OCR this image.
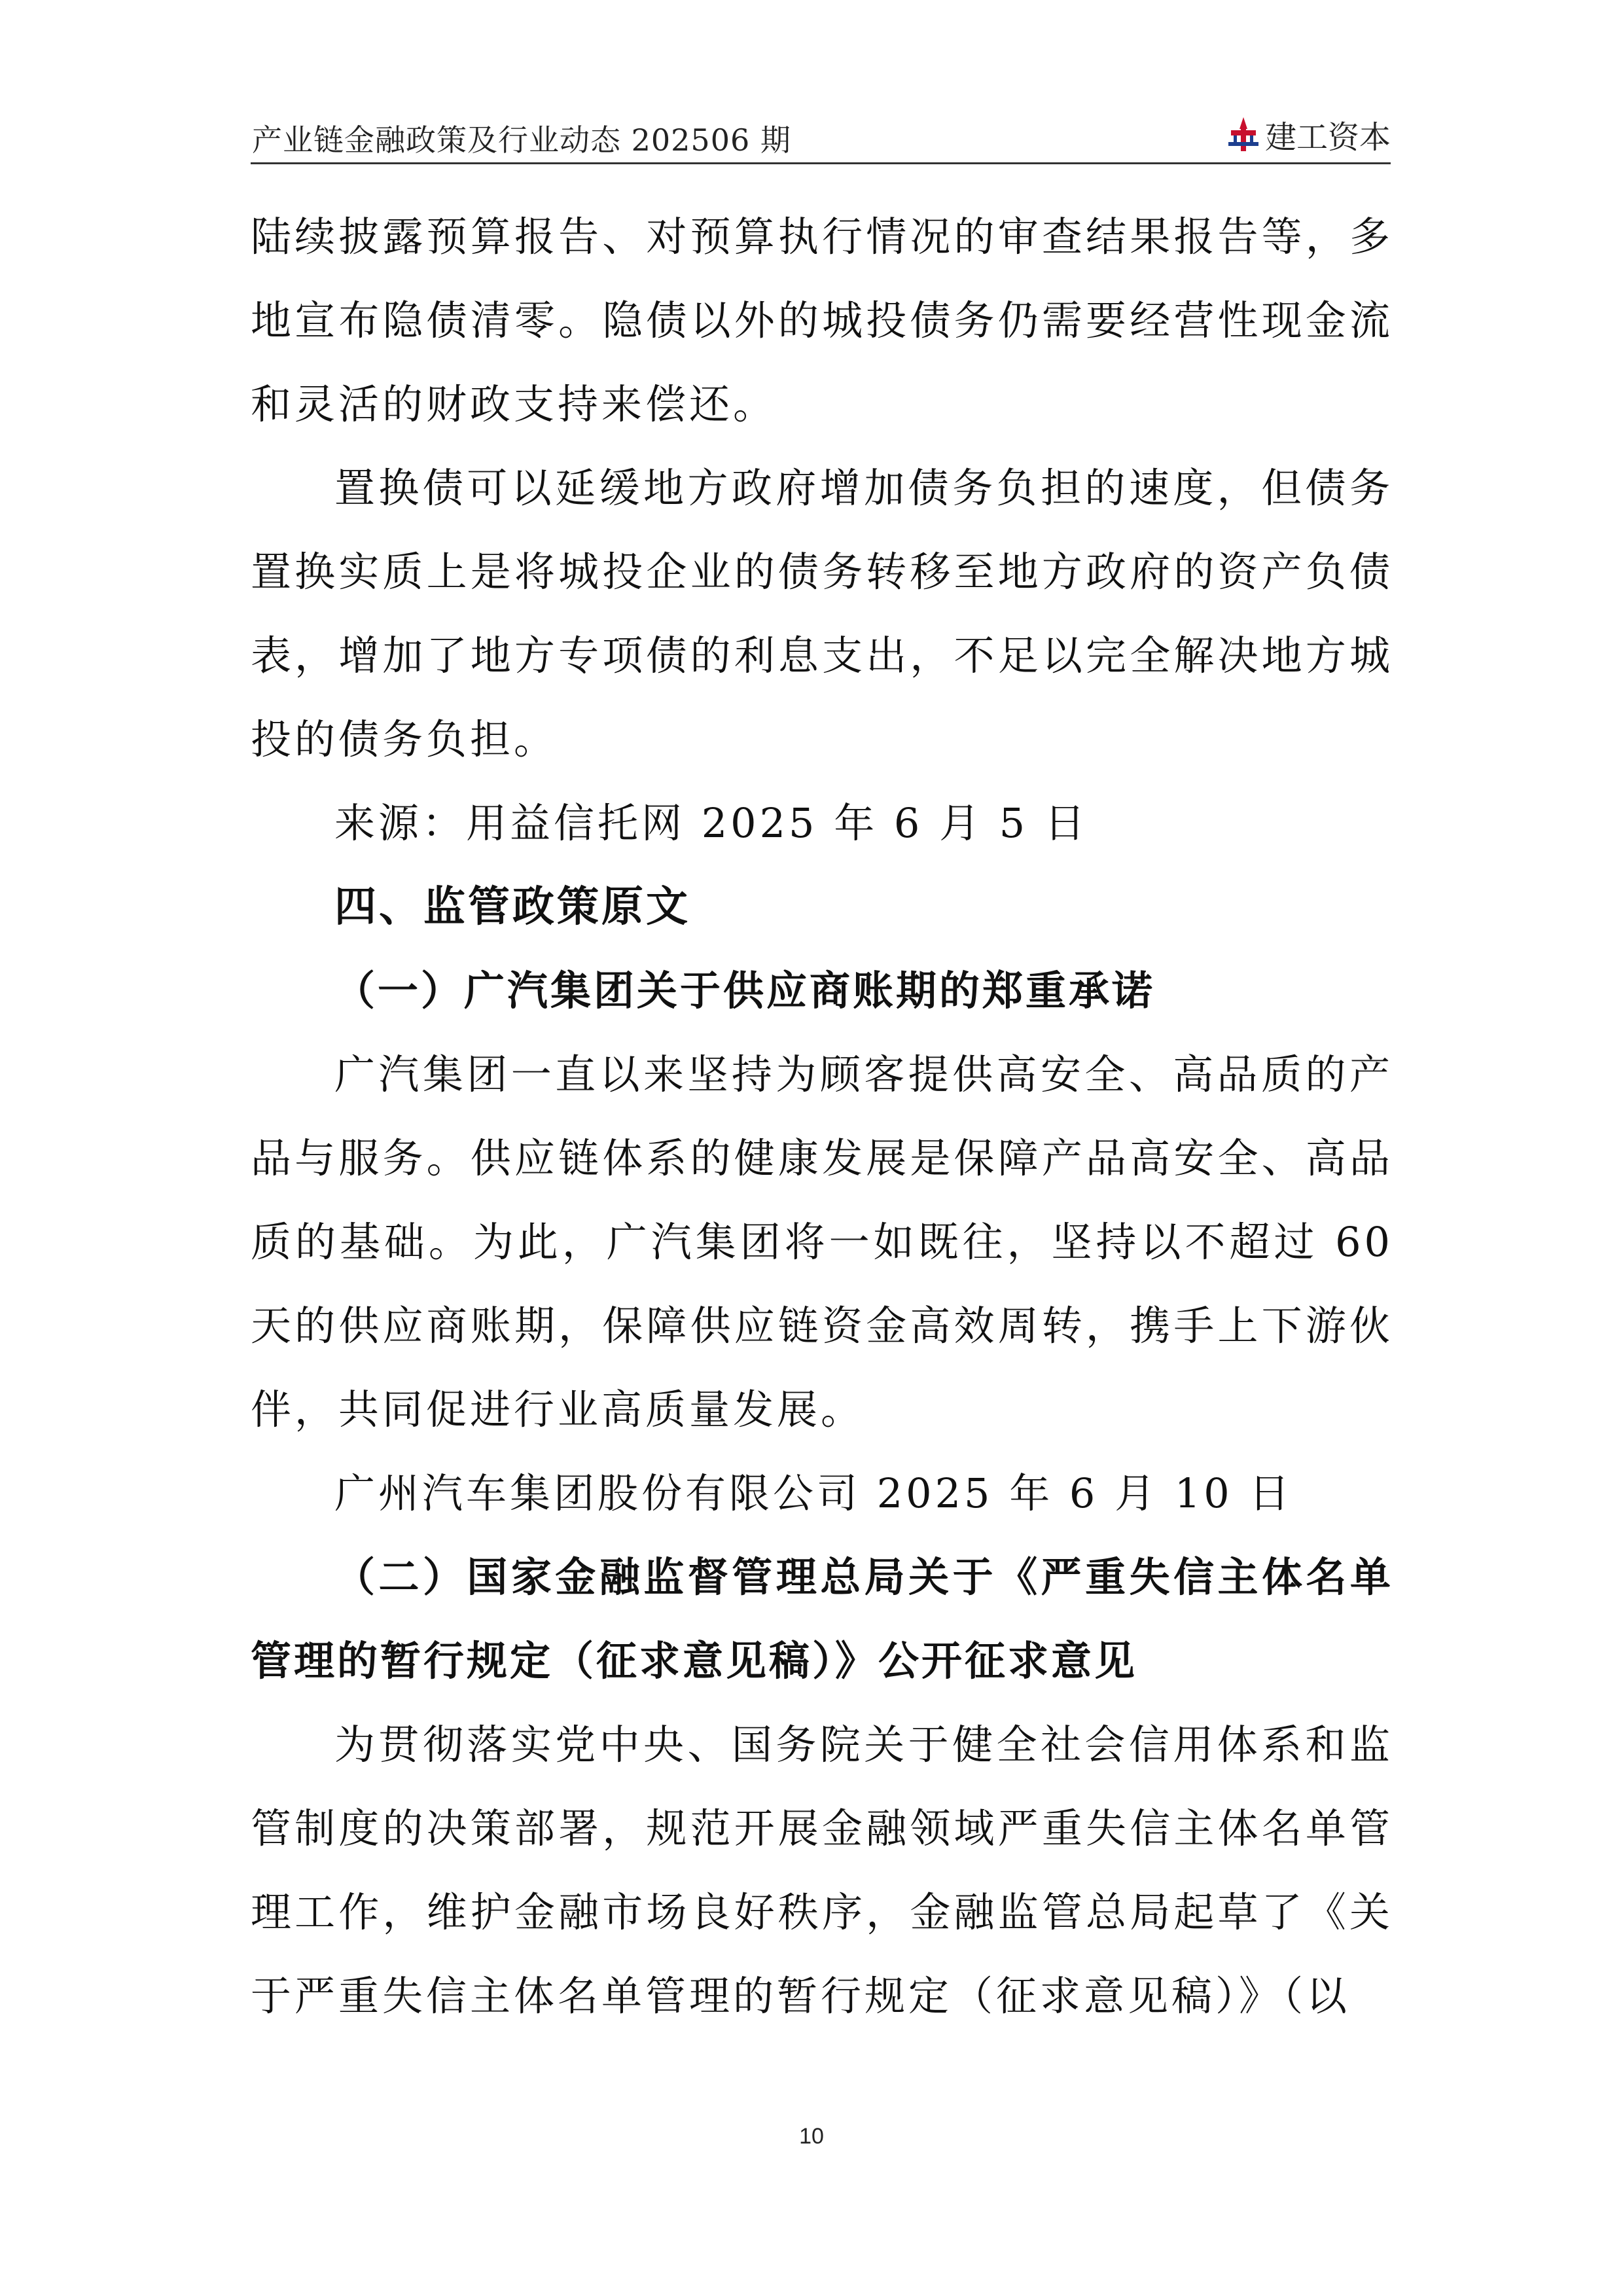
产业链金融政策及行业动态 202506 期	建工资本

陆续披露预算报告、对预算执行情况的审查结果报告等，多地宣布隐债清零。隐债以外的城投债务仍需要经营性现金流和灵活的财政支持来偿还。

置换债可以延缓地方政府增加债务负担的速度，但债务置换实质上是将城投企业的债务转移至地方政府的资产负债表，增加了地方专项债的利息支出，不足以完全解决地方城投的债务负担。

来源：用益信托网 2025 年 6 月 5 日

四、监管政策原文

（一）广汽集团关于供应商账期的郑重承诺

广汽集团一直以来坚持为顾客提供高安全、高品质的产品与服务。供应链体系的健康发展是保障产品高安全、高品质的基础。为此，广汽集团将一如既往，坚持以不超过 60 天的供应商账期，保障供应链资金高效周转，携手上下游伙伴，共同促进行业高质量发展。

广州汽车集团股份有限公司 2025 年 6 月 10 日

（二）国家金融监督管理总局关于《严重失信主体名单管理的暂行规定（征求意见稿）》公开征求意见

为贯彻落实党中央、国务院关于健全社会信用体系和监管制度的决策部署，规范开展金融领域严重失信主体名单管理工作，维护金融市场良好秩序，金融监管总局起草了《关于严重失信主体名单管理的暂行规定（征求意见稿）》（以

10
